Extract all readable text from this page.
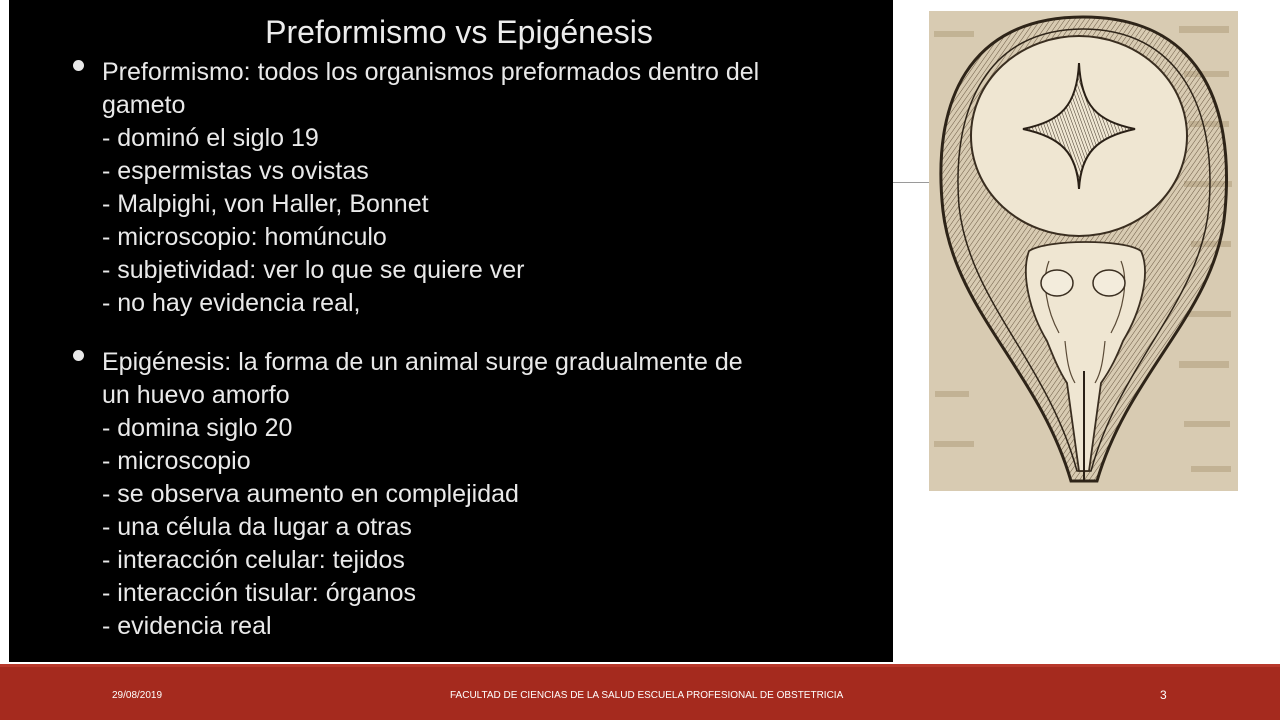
Preformismo vs Epigénesis
Preformismo: todos los organismos preformados dentro del
gameto
- dominó el siglo 19
- espermistas vs ovistas
- Malpighi, von Haller, Bonnet
- microscopio: homúnculo
- subjetividad: ver lo que se quiere ver
- no hay evidencia real,
Epigénesis: la forma de un animal surge gradualmente de
un huevo amorfo
- domina siglo 20
- microscopio
- se observa aumento en complejidad
- una célula da lugar a otras
- interacción celular: tejidos
- interacción tisular: órganos
- evidencia real
29/08/2019	FACULTAD DE CIENCIAS DE LA SALUD ESCUELA PROFESIONAL DE OBSTETRICIA	3
